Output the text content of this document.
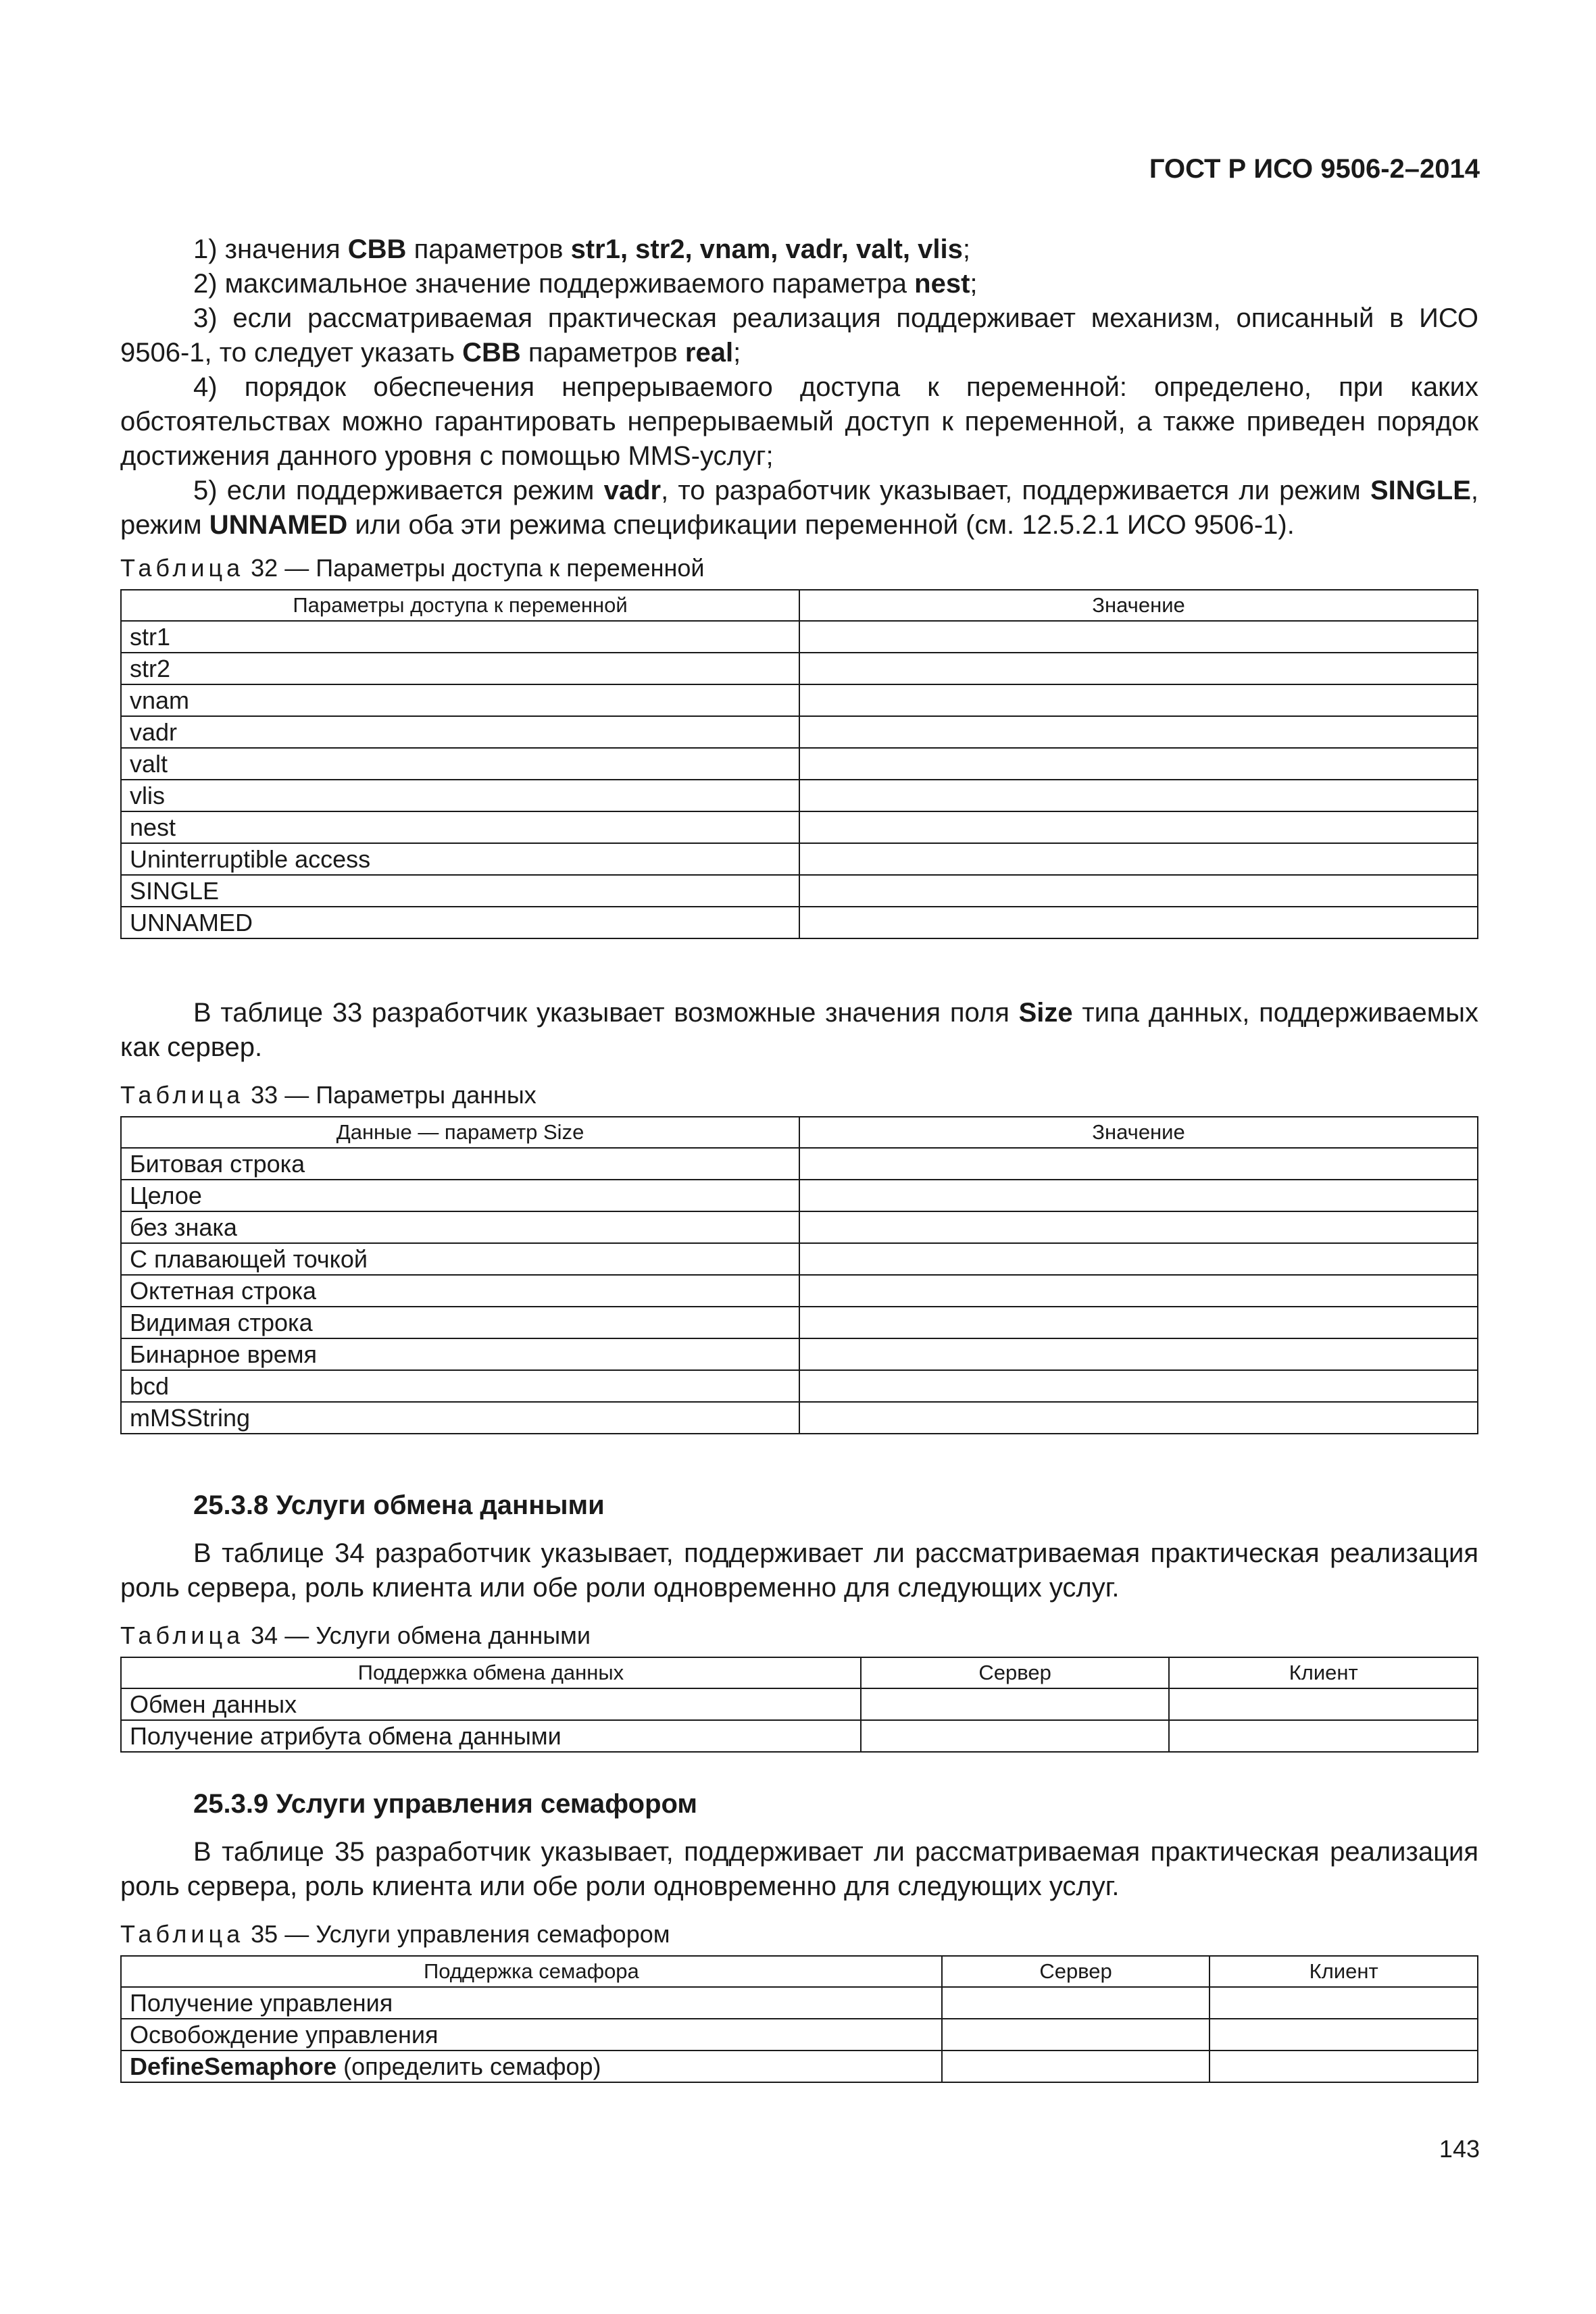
ГОСТ Р ИСО 9506-2–2014

1) значения CBB параметров str1, str2, vnam, vadr, valt, vlis;

2) максимальное значение поддерживаемого параметра nest;

3) если рассматриваемая практическая реализация поддерживает механизм, описанный в ИСО 9506-1, то следует указать CBB параметров real;

4) порядок обеспечения непрерываемого доступа к переменной: определено, при каких обстоятельствах можно гарантировать непрерываемый доступ к переменной, а также приведен порядок достижения данного уровня с помощью MMS-услуг;

5) если поддерживается режим vadr, то разработчик указывает, поддерживается ли режим SINGLE, режим UNNAMED или оба эти режима спецификации переменной (см. 12.5.2.1 ИСО 9506-1).

Таблица 32 — Параметры доступа к переменной
Параметры доступа к переменной	Значение
str1	
str2	
vnam	
vadr	
valt	
vlis	
nest	
Uninterruptible access	
SINGLE	
UNNAMED	

В таблице 33 разработчик указывает возможные значения поля Size типа данных, поддерживаемых как сервер.

Таблица 33 — Параметры данных
Данные — параметр Size	Значение
Битовая строка	
Целое	
без знака	
С плавающей точкой	
Октетная строка	
Видимая строка	
Бинарное время	
bcd	
mMSString	
25.3.8 Услуги обмена данными

В таблице 34 разработчик указывает, поддерживает ли рассматриваемая практическая реализация роль сервера, роль клиента или обе роли одновременно для следующих услуг.

Таблица 34 — Услуги обмена данными
Поддержка обмена данных	Сервер	Клиент
Обмен данных		
Получение атрибута обмена данными		
25.3.9 Услуги управления семафором

В таблице 35 разработчик указывает, поддерживает ли рассматриваемая практическая реализация роль сервера, роль клиента или обе роли одновременно для следующих услуг.

Таблица 35 — Услуги управления семафором
Поддержка семафора	Сервер	Клиент
Получение управления		
Освобождение управления		
DefineSemaphore (определить семафор)		
143
